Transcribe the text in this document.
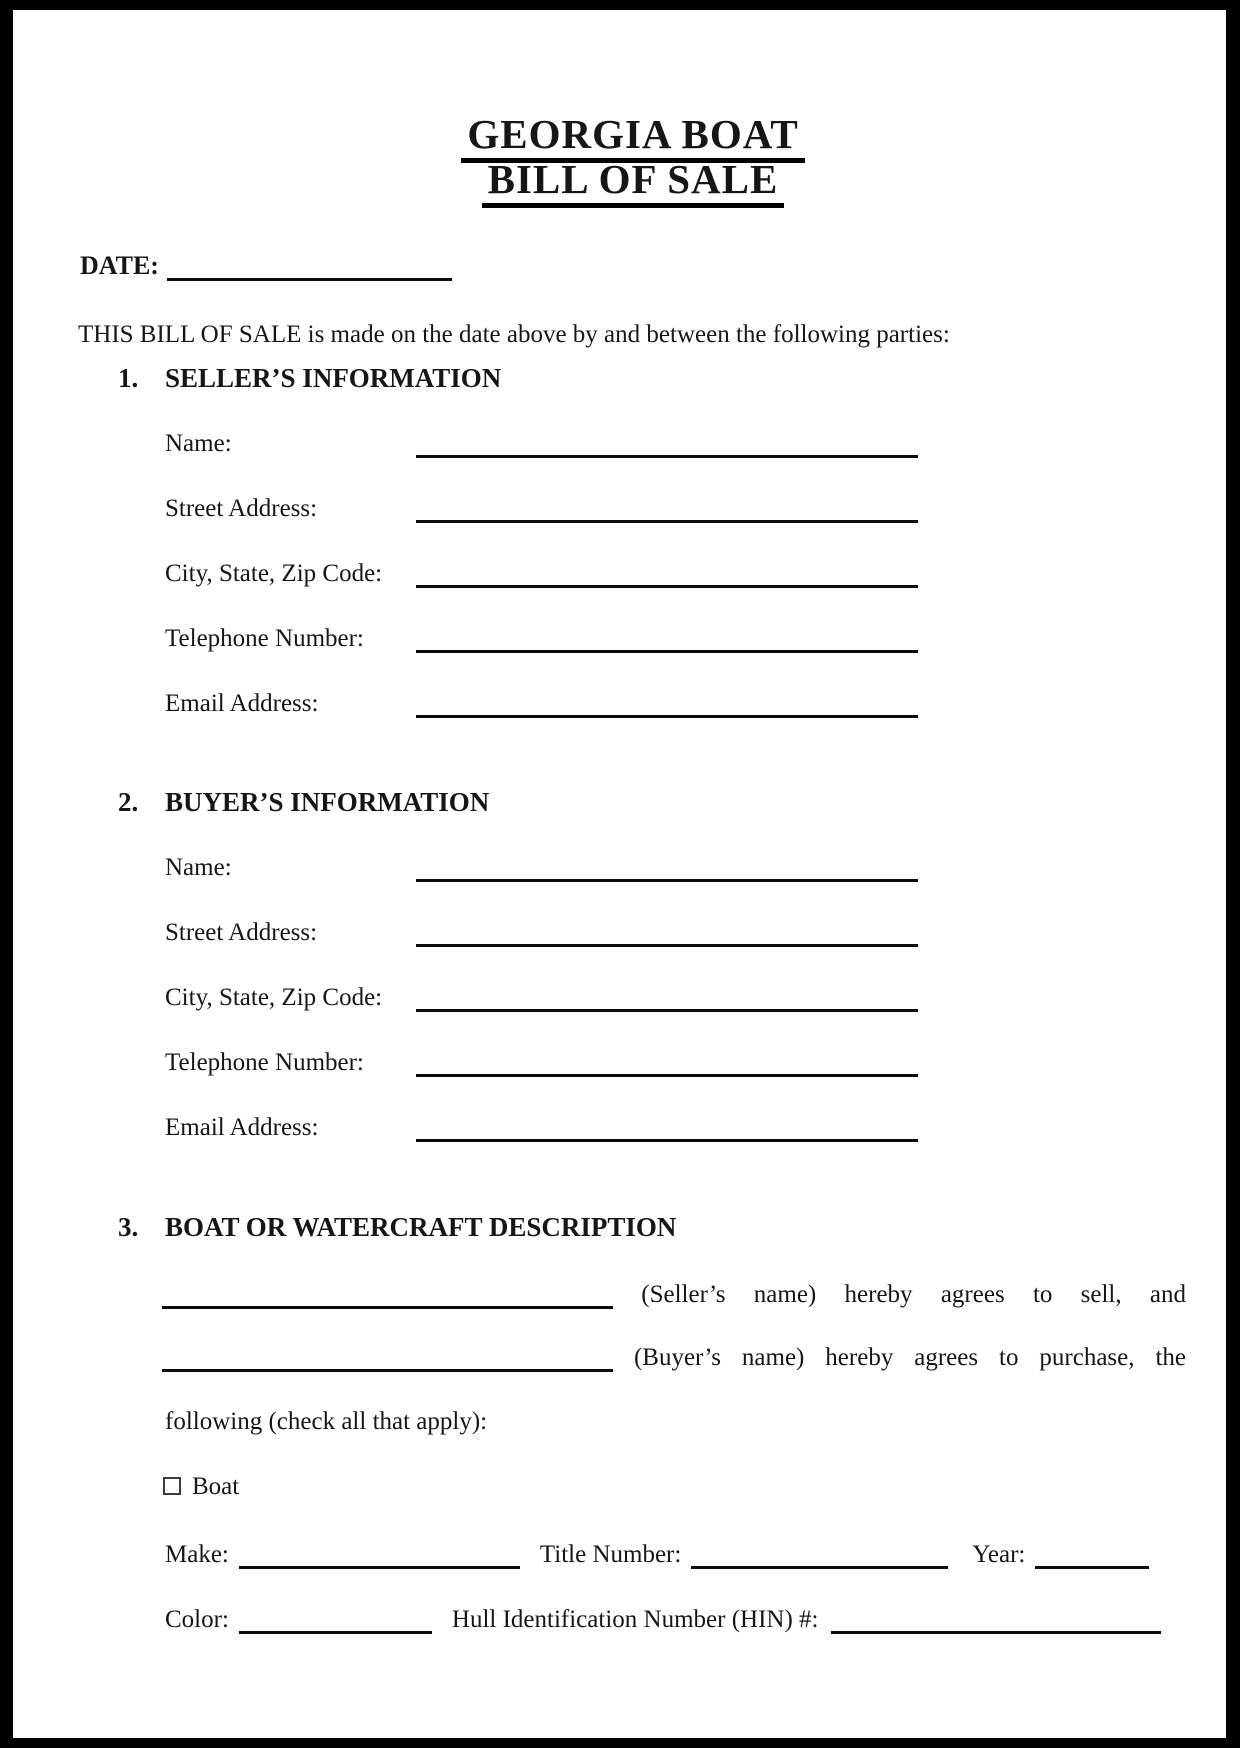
GEORGIA BOAT
BILL OF SALE
DATE:
THIS BILL OF SALE is made on the date above by and between the following parties:
1. SELLER’S INFORMATION
Name:
Street Address:
City, State, Zip Code:
Telephone Number:
Email Address:
2. BUYER’S INFORMATION
Name:
Street Address:
City, State, Zip Code:
Telephone Number:
Email Address:
3. BOAT OR WATERCRAFT DESCRIPTION
(Seller’s name) hereby agrees to sell, and
(Buyer’s name) hereby agrees to purchase, the
following (check all that apply):
Boat
Make:	Title Number:	Year:
Color:	Hull Identification Number (HIN) #:
